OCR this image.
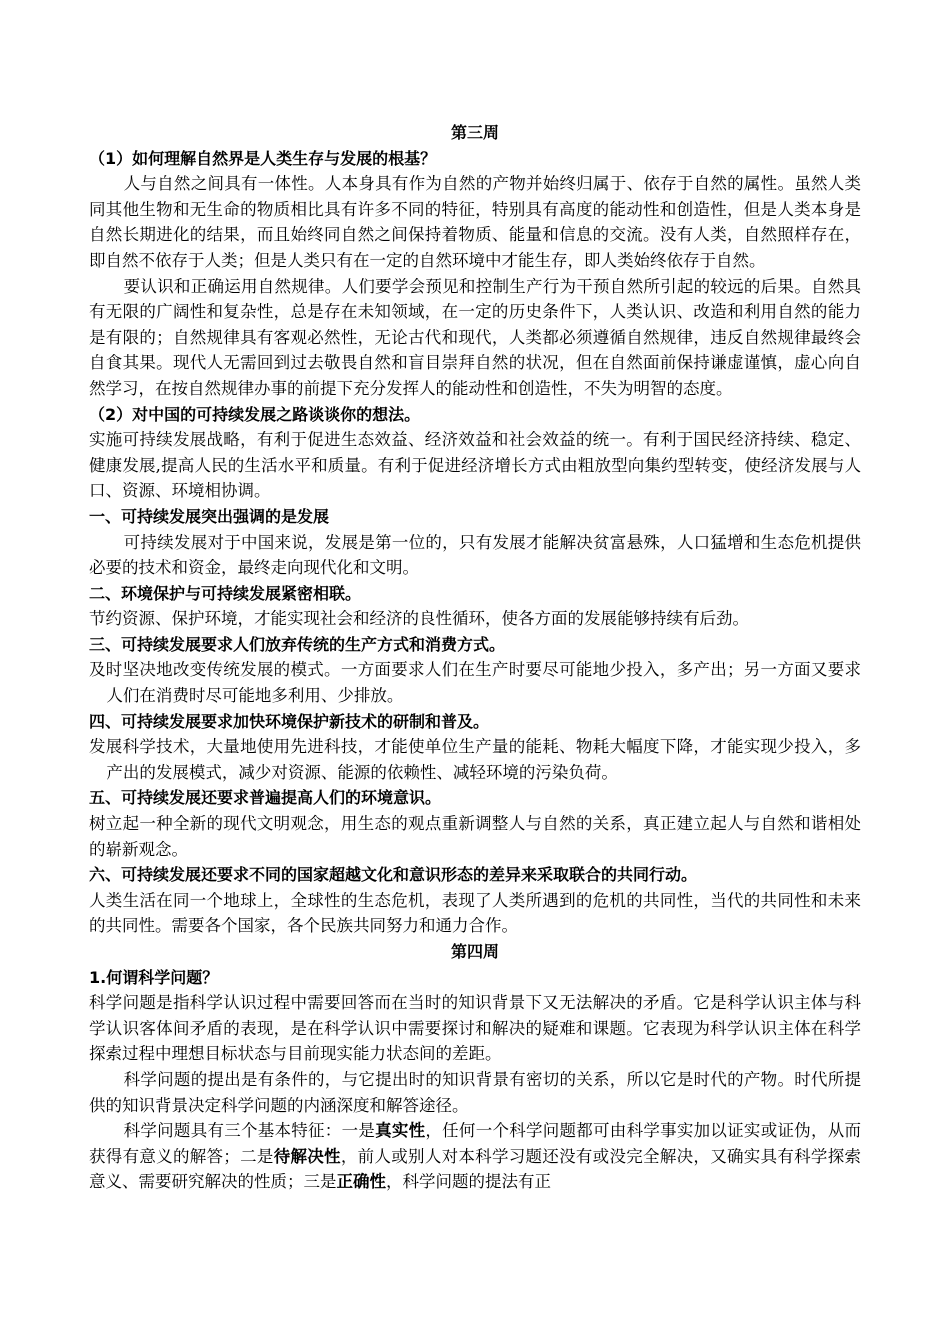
第三周

（1）如何理解自然界是人类生存与发展的根基？

人与自然之间具有一体性。人本身具有作为自然的产物并始终归属于、依存于自然的属性。虽然人类同其他生物和无生命的物质相比具有许多不同的特征，特别具有高度的能动性和创造性，但是人类本身是自然长期进化的结果，而且始终同自然之间保持着物质、能量和信息的交流。没有人类，自然照样存在，即自然不依存于人类；但是人类只有在一定的自然环境中才能生存，即人类始终依存于自然。

要认识和正确运用自然规律。人们要学会预见和控制生产行为干预自然所引起的较远的后果。自然具有无限的广阔性和复杂性，总是存在未知领域，在一定的历史条件下，人类认识、改造和利用自然的能力是有限的；自然规律具有客观必然性，无论古代和现代，人类都必须遵循自然规律，违反自然规律最终会自食其果。现代人无需回到过去敬畏自然和盲目崇拜自然的状况，但在自然面前保持谦虚谨慎，虚心向自然学习，在按自然规律办事的前提下充分发挥人的能动性和创造性，不失为明智的态度。

（2）对中国的可持续发展之路谈谈你的想法。

实施可持续发展战略，有利于促进生态效益、经济效益和社会效益的统一。有利于国民经济持续、稳定、健康发展,提高人民的生活水平和质量。有利于促进经济增长方式由粗放型向集约型转变，使经济发展与人口、资源、环境相协调。

一、可持续发展突出强调的是发展

可持续发展对于中国来说，发展是第一位的，只有发展才能解决贫富悬殊，人口猛增和生态危机提供必要的技术和资金，最终走向现代化和文明。

二、环境保护与可持续发展紧密相联。

节约资源、保护环境，才能实现社会和经济的良性循环，使各方面的发展能够持续有后劲。

三、可持续发展要求人们放弃传统的生产方式和消费方式。

及时坚决地改变传统发展的模式。一方面要求人们在生产时要尽可能地少投入，多产出；另一方面又要求人们在消费时尽可能地多利用、少排放。

四、可持续发展要求加快环境保护新技术的研制和普及。

发展科学技术，大量地使用先进科技，才能使单位生产量的能耗、物耗大幅度下降，才能实现少投入，多产出的发展模式，减少对资源、能源的依赖性、减轻环境的污染负荷。

五、可持续发展还要求普遍提高人们的环境意识。

树立起一种全新的现代文明观念，用生态的观点重新调整人与自然的关系，真正建立起人与自然和谐相处的崭新观念。

六、可持续发展还要求不同的国家超越文化和意识形态的差异来采取联合的共同行动。

人类生活在同一个地球上，全球性的生态危机，表现了人类所遇到的危机的共同性，当代的共同性和未来的共同性。需要各个国家，各个民族共同努力和通力合作。

第四周

1.何谓科学问题？

科学问题是指科学认识过程中需要回答而在当时的知识背景下又无法解决的矛盾。它是科学认识主体与科学认识客体间矛盾的表现，是在科学认识中需要探讨和解决的疑难和课题。它表现为科学认识主体在科学探索过程中理想目标状态与目前现实能力状态间的差距。

科学问题的提出是有条件的，与它提出时的知识背景有密切的关系，所以它是时代的产物。时代所提供的知识背景决定科学问题的内涵深度和解答途径。

科学问题具有三个基本特征：一是真实性，任何一个科学问题都可由科学事实加以证实或证伪，从而获得有意义的解答；二是待解决性，前人或别人对本科学习题还没有或没完全解决，又确实具有科学探索意义、需要研究解决的性质；三是正确性，科学问题的提法有正
